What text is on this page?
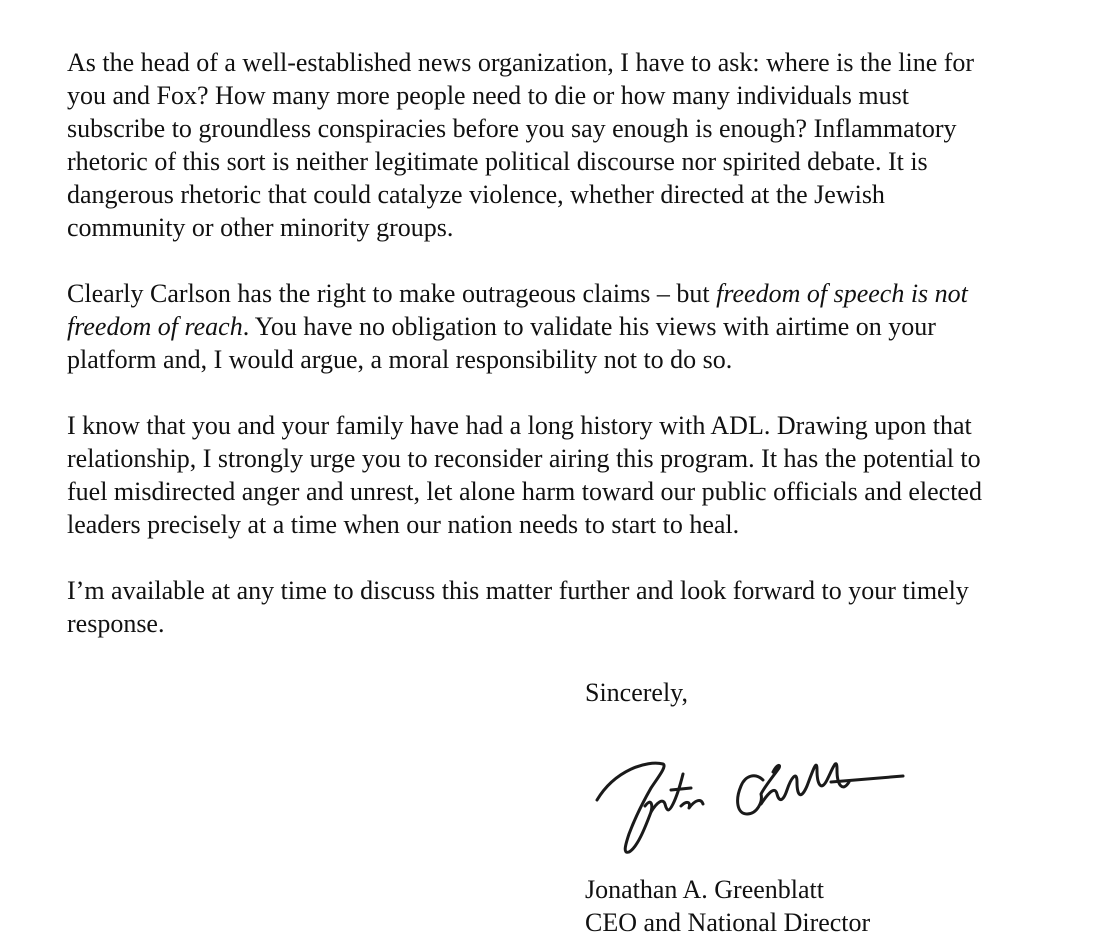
As the head of a well-established news organization, I have to ask: where is the line for
you and Fox? How many more people need to die or how many individuals must
subscribe to groundless conspiracies before you say enough is enough? Inflammatory
rhetoric of this sort is neither legitimate political discourse nor spirited debate. It is
dangerous rhetoric that could catalyze violence, whether directed at the Jewish
community or other minority groups.

Clearly Carlson has the right to make outrageous claims – but freedom of speech is not
freedom of reach. You have no obligation to validate his views with airtime on your
platform and, I would argue, a moral responsibility not to do so.

I know that you and your family have had a long history with ADL. Drawing upon that
relationship, I strongly urge you to reconsider airing this program. It has the potential to
fuel misdirected anger and unrest, let alone harm toward our public officials and elected
leaders precisely at a time when our nation needs to start to heal.

I’m available at any time to discuss this matter further and look forward to your timely
response.

Sincerely,
Jonathan A. Greenblatt
CEO and National Director
